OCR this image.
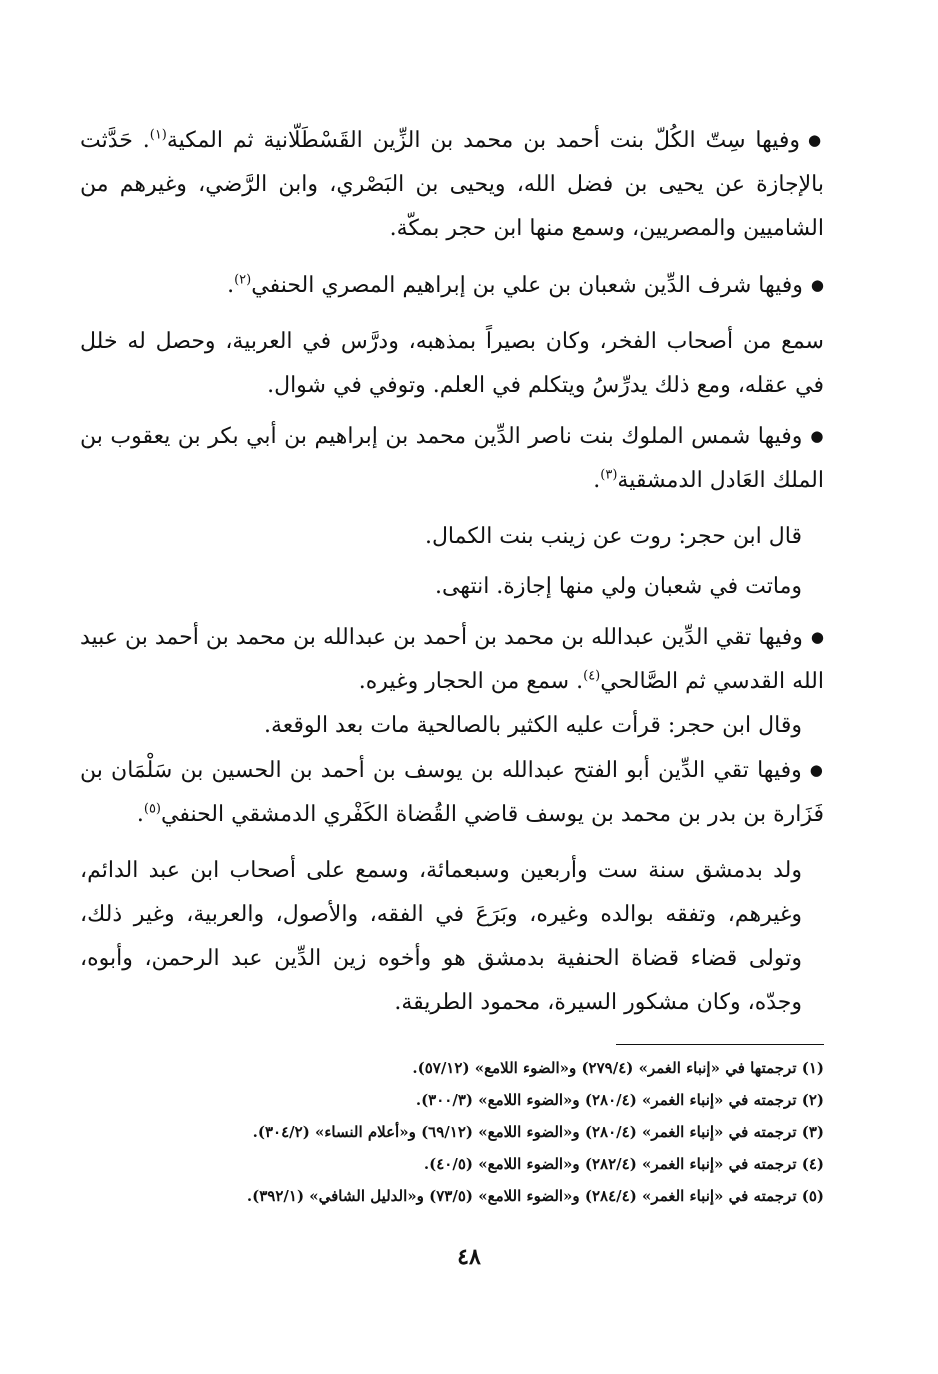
● وفيها سِتّ الكُلّ بنت أحمد بن محمد بن الزِّين القَسْطَلّانية ثم المكية$^{(١)}$. حَدَّثت بالإجازة عن يحيى بن فضل الله، ويحيى بن البَصْري، وابن الرَّضي، وغيرهم من الشاميين والمصريين، وسمع منها ابن حجر بمكّة.

● وفيها شرف الدِّين شعبان بن علي بن إبراهيم المصري الحنفي$^{(٢)}$.

سمع من أصحاب الفخر، وكان بصيراً بمذهبه، ودرَّس في العربية، وحصل له خلل في عقله، ومع ذلك يدرِّسُ ويتكلم في العلم. وتوفي في شوال.

● وفيها شمس الملوك بنت ناصر الدِّين محمد بن إبراهيم بن أبي بكر بن يعقوب بن الملك العَادل الدمشقية$^{(٣)}$.

قال ابن حجر: روت عن زينب بنت الكمال.

وماتت في شعبان ولي منها إجازة. انتهى.

● وفيها تقي الدِّين عبدالله بن محمد بن أحمد بن عبدالله بن محمد بن أحمد بن عبيد الله القدسي ثم الصَّالحي$^{(٤)}$. سمع من الحجار وغيره.

وقال ابن حجر: قرأت عليه الكثير بالصالحية مات بعد الوقعة.

● وفيها تقي الدِّين أبو الفتح عبدالله بن يوسف بن أحمد بن الحسين بن سَلْمَان بن فَزَارة بن بدر بن محمد بن يوسف قاضي القُضاة الكَفْري الدمشقي الحنفي$^{(٥)}$.

ولد بدمشق سنة ست وأربعين وسبعمائة، وسمع على أصحاب ابن عبد الدائم، وغيرهم، وتفقه بوالده وغيره، وبَرَعَ في الفقه، والأصول، والعربية، وغير ذلك، وتولى قضاء قضاة الحنفية بدمشق هو وأخوه زين الدِّين عبد الرحمن، وأبوه، وجدّه، وكان مشكور السيرة، محمود الطريقة.

(١) ترجمتها في «إنباء الغمر» (٢٧٩/٤) و«الضوء اللامع» (٥٧/١٢).

(٢) ترجمته في «إنباء الغمر» (٢٨٠/٤) و«الضوء اللامع» (٣٠٠/٣).

(٣) ترجمته في «إنباء الغمر» (٢٨٠/٤) و«الضوء اللامع» (٦٩/١٢) و«أعلام النساء» (٣٠٤/٢).

(٤) ترجمته في «إنباء الغمر» (٢٨٢/٤) و«الضوء اللامع» (٤٠/٥).

(٥) ترجمته في «إنباء الغمر» (٢٨٤/٤) و«الضوء اللامع» (٧٣/٥) و«الدليل الشافي» (٣٩٢/١).

٤٨
